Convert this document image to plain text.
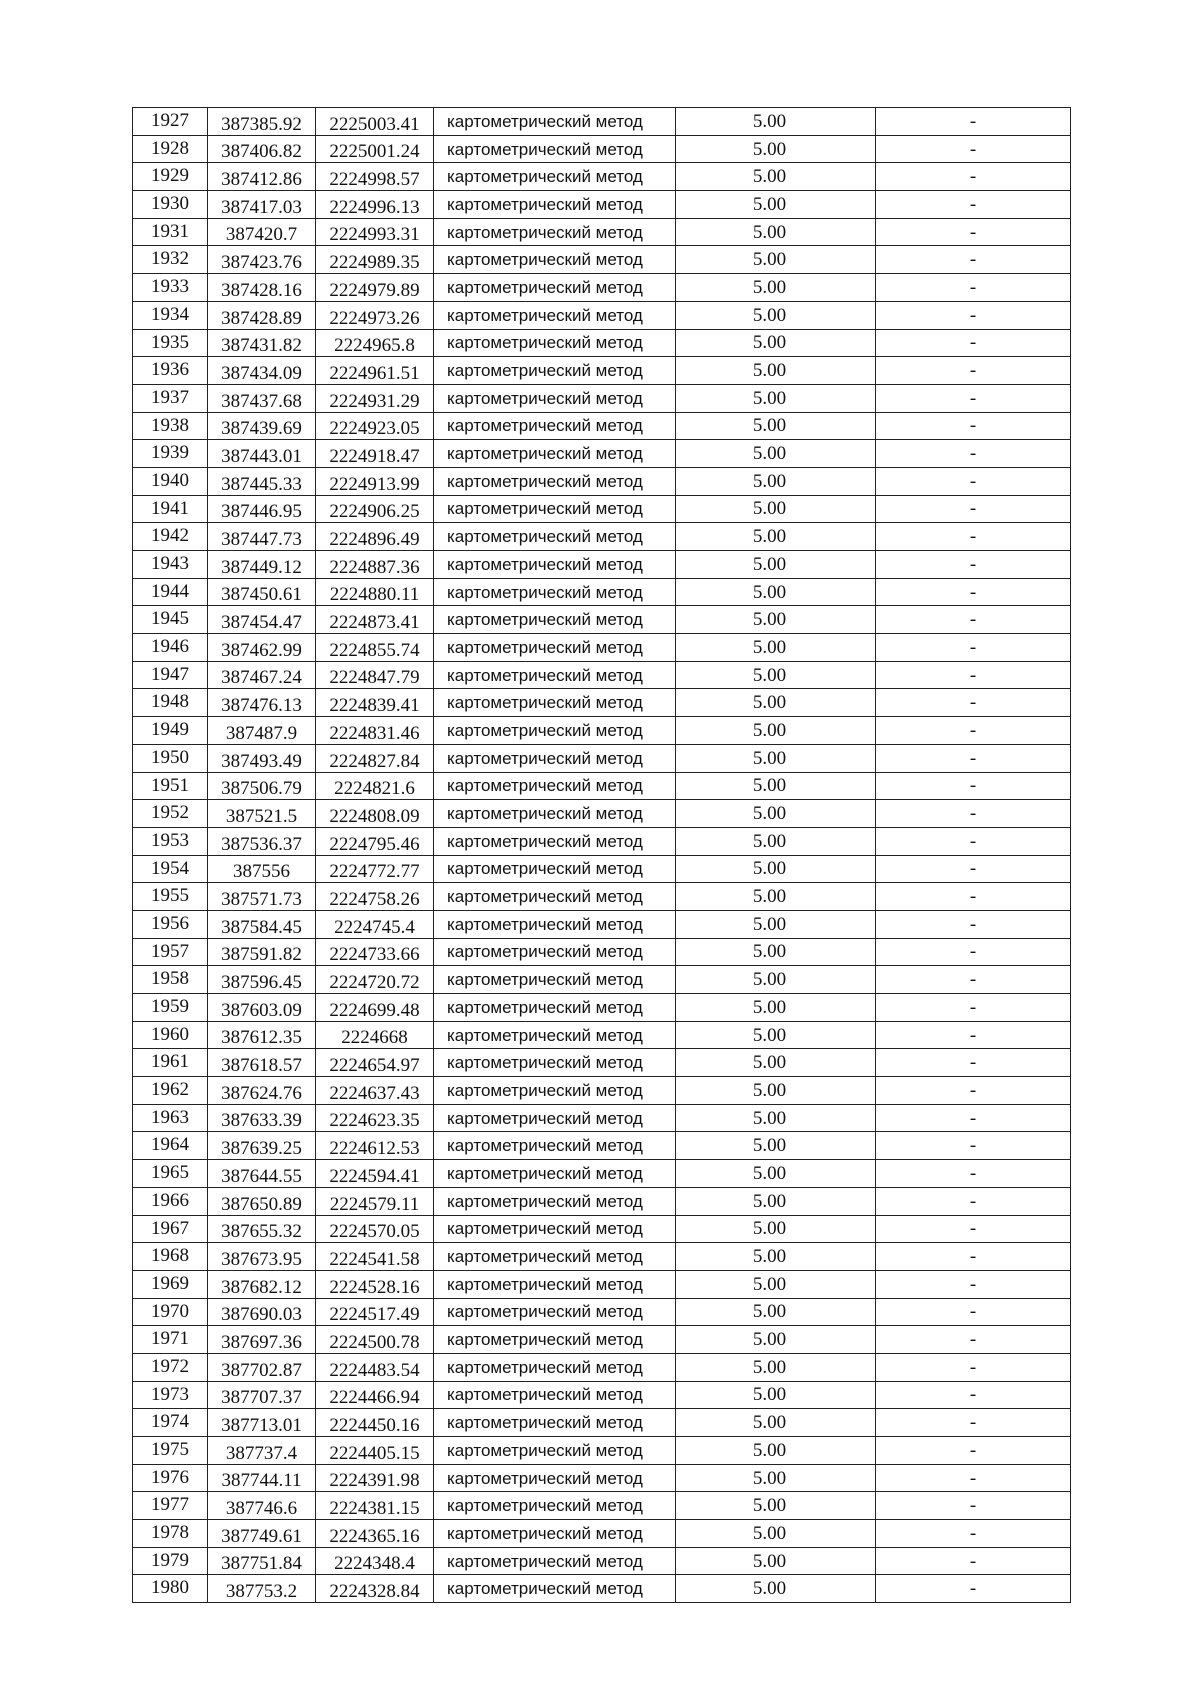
1927	387385.92	2225003.41	картометрический метод	5.00	-
1928	387406.82	2225001.24	картометрический метод	5.00	-
1929	387412.86	2224998.57	картометрический метод	5.00	-
1930	387417.03	2224996.13	картометрический метод	5.00	-
1931	387420.7	2224993.31	картометрический метод	5.00	-
1932	387423.76	2224989.35	картометрический метод	5.00	-
1933	387428.16	2224979.89	картометрический метод	5.00	-
1934	387428.89	2224973.26	картометрический метод	5.00	-
1935	387431.82	2224965.8	картометрический метод	5.00	-
1936	387434.09	2224961.51	картометрический метод	5.00	-
1937	387437.68	2224931.29	картометрический метод	5.00	-
1938	387439.69	2224923.05	картометрический метод	5.00	-
1939	387443.01	2224918.47	картометрический метод	5.00	-
1940	387445.33	2224913.99	картометрический метод	5.00	-
1941	387446.95	2224906.25	картометрический метод	5.00	-
1942	387447.73	2224896.49	картометрический метод	5.00	-
1943	387449.12	2224887.36	картометрический метод	5.00	-
1944	387450.61	2224880.11	картометрический метод	5.00	-
1945	387454.47	2224873.41	картометрический метод	5.00	-
1946	387462.99	2224855.74	картометрический метод	5.00	-
1947	387467.24	2224847.79	картометрический метод	5.00	-
1948	387476.13	2224839.41	картометрический метод	5.00	-
1949	387487.9	2224831.46	картометрический метод	5.00	-
1950	387493.49	2224827.84	картометрический метод	5.00	-
1951	387506.79	2224821.6	картометрический метод	5.00	-
1952	387521.5	2224808.09	картометрический метод	5.00	-
1953	387536.37	2224795.46	картометрический метод	5.00	-
1954	387556	2224772.77	картометрический метод	5.00	-
1955	387571.73	2224758.26	картометрический метод	5.00	-
1956	387584.45	2224745.4	картометрический метод	5.00	-
1957	387591.82	2224733.66	картометрический метод	5.00	-
1958	387596.45	2224720.72	картометрический метод	5.00	-
1959	387603.09	2224699.48	картометрический метод	5.00	-
1960	387612.35	2224668	картометрический метод	5.00	-
1961	387618.57	2224654.97	картометрический метод	5.00	-
1962	387624.76	2224637.43	картометрический метод	5.00	-
1963	387633.39	2224623.35	картометрический метод	5.00	-
1964	387639.25	2224612.53	картометрический метод	5.00	-
1965	387644.55	2224594.41	картометрический метод	5.00	-
1966	387650.89	2224579.11	картометрический метод	5.00	-
1967	387655.32	2224570.05	картометрический метод	5.00	-
1968	387673.95	2224541.58	картометрический метод	5.00	-
1969	387682.12	2224528.16	картометрический метод	5.00	-
1970	387690.03	2224517.49	картометрический метод	5.00	-
1971	387697.36	2224500.78	картометрический метод	5.00	-
1972	387702.87	2224483.54	картометрический метод	5.00	-
1973	387707.37	2224466.94	картометрический метод	5.00	-
1974	387713.01	2224450.16	картометрический метод	5.00	-
1975	387737.4	2224405.15	картометрический метод	5.00	-
1976	387744.11	2224391.98	картометрический метод	5.00	-
1977	387746.6	2224381.15	картометрический метод	5.00	-
1978	387749.61	2224365.16	картометрический метод	5.00	-
1979	387751.84	2224348.4	картометрический метод	5.00	-
1980	387753.2	2224328.84	картометрический метод	5.00	-
